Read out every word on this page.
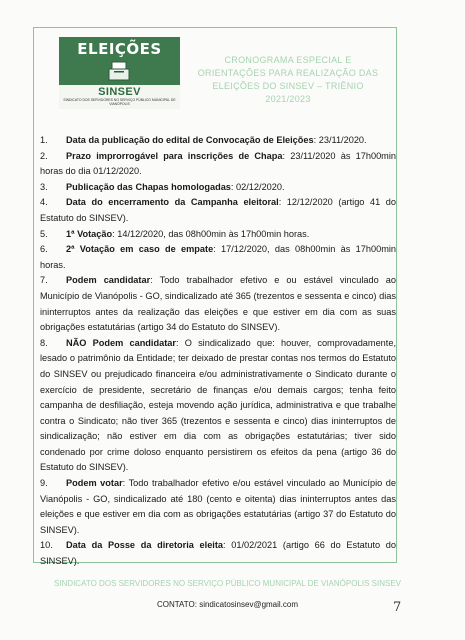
ELEIÇÕES
SINSEV
SINDICATO DOS SERVIDORES NO SERVIÇO PÚBLICO MUNICIPAL DE VIANÓPOLIS
CRONOGRAMA ESPECIAL E ORIENTAÇÕES PARA REALIZAÇÃO DAS ELEIÇÕES DO SINSEV – TRIÊNIO 2021/2023

1. Data da publicação do edital de Convocação de Eleições: 23/11/2020.

2. Prazo improrrogável para inscrições de Chapa: 23/11/2020 às 17h00min horas do dia 01/12/2020.

3. Publicação das Chapas homologadas: 02/12/2020.

4. Data do encerramento da Campanha eleitoral: 12/12/2020 (artigo 41 do Estatuto do SINSEV).

5. 1ª Votação: 14/12/2020, das 08h00min às 17h00min horas.

6. 2ª Votação em caso de empate: 17/12/2020, das 08h00min às 17h00min horas.

7. Podem candidatar: Todo trabalhador efetivo e ou estável vinculado ao Município de Vianópolis - GO, sindicalizado até 365 (trezentos e sessenta e cinco) dias ininterruptos antes da realização das eleições e que estiver em dia com as suas obrigações estatutárias (artigo 34 do Estatuto do SINSEV).

8. NÃO Podem candidatar: O sindicalizado que: houver, comprovadamente, lesado o patrimônio da Entidade; ter deixado de prestar contas nos termos do Estatuto do SINSEV ou prejudicado financeira e/ou administrativamente o Sindicato durante o exercício de presidente, secretário de finanças e/ou demais cargos; tenha feito campanha de desfiliação, esteja movendo ação jurídica, administrativa e que trabalhe contra o Sindicato; não tiver 365 (trezentos e sessenta e cinco) dias ininterruptos de sindicalização; não estiver em dia com as obrigações estatutárias; tiver sido condenado por crime doloso enquanto persistirem os efeitos da pena (artigo 36 do Estatuto do SINSEV).

9. Podem votar: Todo trabalhador efetivo e/ou estável vinculado ao Município de Vianópolis - GO, sindicalizado até 180 (cento e oitenta) dias ininterruptos antes das eleições e que estiver em dia com as obrigações estatutárias (artigo 37 do Estatuto do SINSEV).

10. Data da Posse da diretoria eleita: 01/02/2021 (artigo 66 do Estatuto do SINSEV).

SINDICATO DOS SERVIDORES NO SERVIÇO PÚBLICO MUNICIPAL DE VIANÓPOLIS SINSEV
CONTATO: sindicatosinsev@gmail.com	7
